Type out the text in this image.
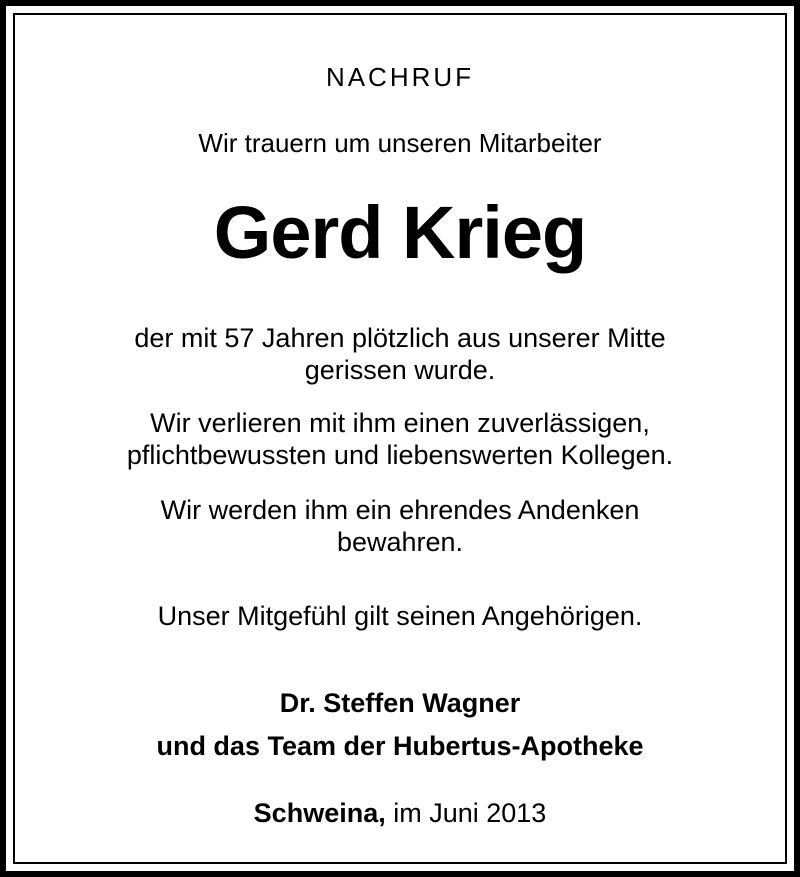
NACHRUF
Wir trauern um unseren Mitarbeiter
Gerd Krieg
der mit 57 Jahren plötzlich aus unserer Mitte
gerissen wurde.
Wir verlieren mit ihm einen zuverlässigen,
pflichtbewussten und liebenswerten Kollegen.
Wir werden ihm ein ehrendes Andenken
bewahren.
Unser Mitgefühl gilt seinen Angehörigen.
Dr. Steffen Wagner
und das Team der Hubertus-Apotheke
Schweina, im Juni 2013
